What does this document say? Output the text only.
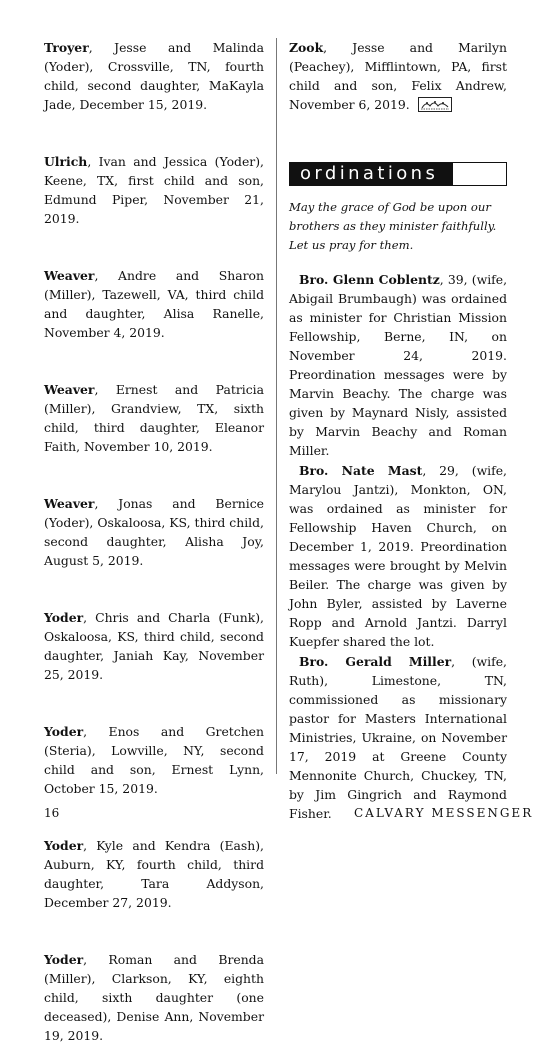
Troyer, Jesse and Malinda (Yoder), Crossville, TN, fourth child, second daughter, MaKayla Jade, December 15, 2019.

Ulrich, Ivan and Jessica (Yoder), Keene, TX, first child and son, Edmund Piper, November 21, 2019.

Weaver, Andre and Sharon (Miller), Tazewell, VA, third child and daughter, Alisa Ranelle, November 4, 2019.

Weaver, Ernest and Patricia (Miller), Grandview, TX, sixth child, third daughter, Eleanor Faith, November 10, 2019.

Weaver, Jonas and Bernice (Yoder), Oskaloosa, KS, third child, second daughter, Alisha Joy, August 5, 2019.

Yoder, Chris and Charla (Funk), Oskaloosa, KS, third child, second daughter, Janiah Kay, November 25, 2019.

Yoder, Enos and Gretchen (Steria), Lowville, NY, second child and son, Ernest Lynn, October 15, 2019.

Yoder, Kyle and Kendra (Eash), Auburn, KY, fourth child, third daughter, Tara Addyson, December 27, 2019.

Yoder, Roman and Brenda (Miller), Clarkson, KY, eighth child, sixth daughter (one deceased), Denise Ann, November 19, 2019.

Zook, Jesse and Marilyn (Peachey), Mifflintown, PA, first child and son, Felix Andrew, November 6, 2019.

ordinations
May the grace of God be upon our brothers as they minister faithfully. Let us pray for them.

Bro. Glenn Coblentz, 39, (wife, Abigail Brumbaugh) was ordained as minister for Christian Mission Fellowship, Berne, IN, on November 24, 2019. Preordination messages were by Marvin Beachy. The charge was given by Maynard Nisly, assisted by Marvin Beachy and Roman Miller.

Bro. Nate Mast, 29, (wife, Marylou Jantzi), Monkton, ON, was ordained as minister for Fellowship Haven Church, on December 1, 2019. Preordination messages were brought by Melvin Beiler. The charge was given by John Byler, assisted by Laverne Ropp and Arnold Jantzi. Darryl Kuepfer shared the lot.

Bro. Gerald Miller, (wife, Ruth), Limestone, TN, commissioned as missionary pastor for Masters International Ministries, Ukraine, on November 17, 2019 at Greene County Mennonite Church, Chuckey, TN, by Jim Gingrich and Raymond Fisher.

16	CALVARY MESSENGER
